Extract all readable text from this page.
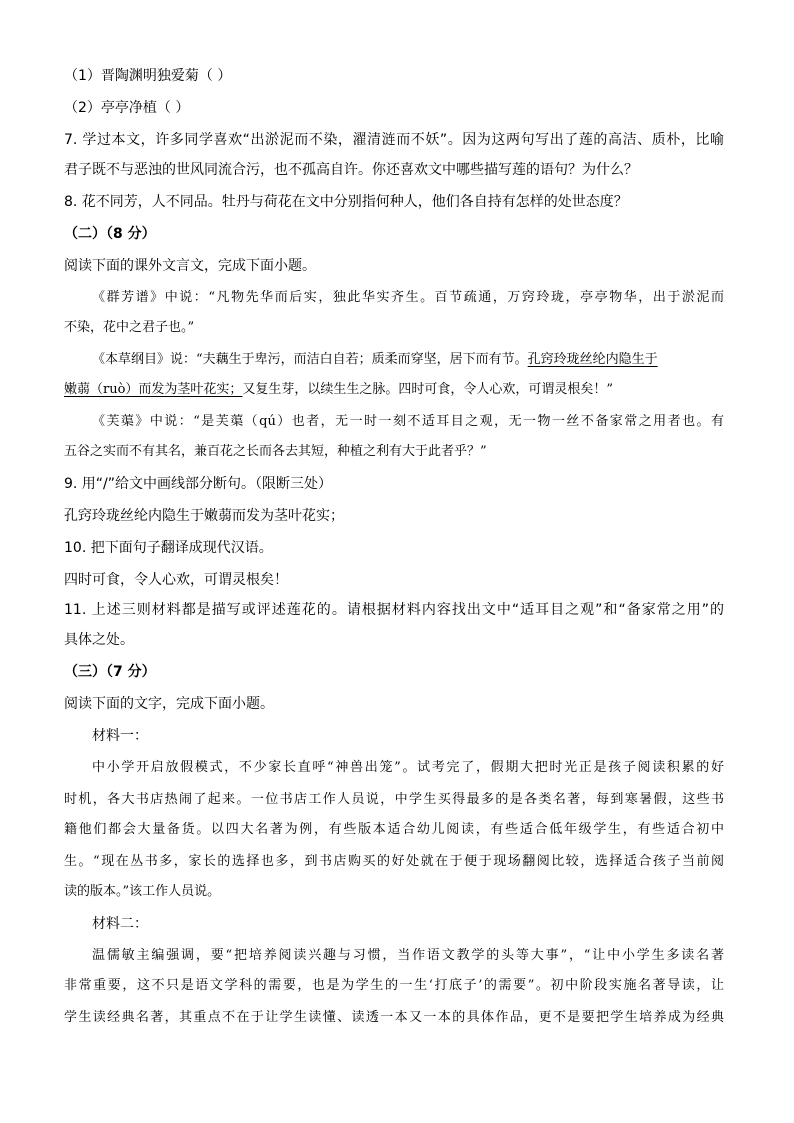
（1）晋陶渊明独爱菊（ ）
（2）亭亭净植（ ）
7. 学过本文，许多同学喜欢“出淤泥而不染，濯清涟而不妖”。因为这两句写出了莲的高洁、质朴，比喻
君子既不与恶浊的世风同流合污，也不孤高自许。你还喜欢文中哪些描写莲的语句？为什么？
8. 花不同芳，人不同品。牡丹与荷花在文中分别指何种人，他们各自持有怎样的处世态度？
（二）（8 分）
阅读下面的课外文言文，完成下面小题。
《群芳谱》中说：“凡物先华而后实，独此华实齐生。百节疏通，万窍玲珑，亭亭物华，出于淤泥而
不染，花中之君子也。”
《本草纲目》说：“夫藕生于卑污，而洁白自若；质柔而穿坚，居下而有节。孔窍玲珑丝纶内隐生于
嫩蒻（ruò）而发为茎叶花实；又复生芽，以续生生之脉。四时可食，令人心欢，可谓灵根矣！”
《芙蕖》中说：“是芙蕖（qú）也者，无一时一刻不适耳目之观，无一物一丝不备家常之用者也。有
五谷之实而不有其名，兼百花之长而各去其短，种植之利有大于此者乎？”
9. 用“/”给文中画线部分断句。（限断三处）
孔窍玲珑丝纶内隐生于嫩蒻而发为茎叶花实；
10. 把下面句子翻译成现代汉语。
四时可食，令人心欢，可谓灵根矣！
11. 上述三则材料都是描写或评述莲花的。请根据材料内容找出文中“适耳目之观”和“备家常之用”的
具体之处。
（三）（7 分）
阅读下面的文字，完成下面小题。
材料一：
中小学开启放假模式，不少家长直呼“神兽出笼”。试考完了，假期大把时光正是孩子阅读积累的好
时机，各大书店热闹了起来。一位书店工作人员说，中学生买得最多的是各类名著，每到寒暑假，这些书
籍他们都会大量备货。以四大名著为例，有些版本适合幼儿阅读，有些适合低年级学生，有些适合初中
生。“现在丛书多，家长的选择也多，到书店购买的好处就在于便于现场翻阅比较，选择适合孩子当前阅
读的版本。”该工作人员说。
材料二：
温儒敏主编强调，要“把培养阅读兴趣与习惯，当作语文教学的头等大事”，“让中小学生多读名著
非常重要，这不只是语文学科的需要，也是为学生的一生‘打底子’的需要”。初中阶段实施名著导读，让
学生读经典名著，其重点不在于让学生读懂、读透一本又一本的具体作品，更不是要把学生培养成为经典
